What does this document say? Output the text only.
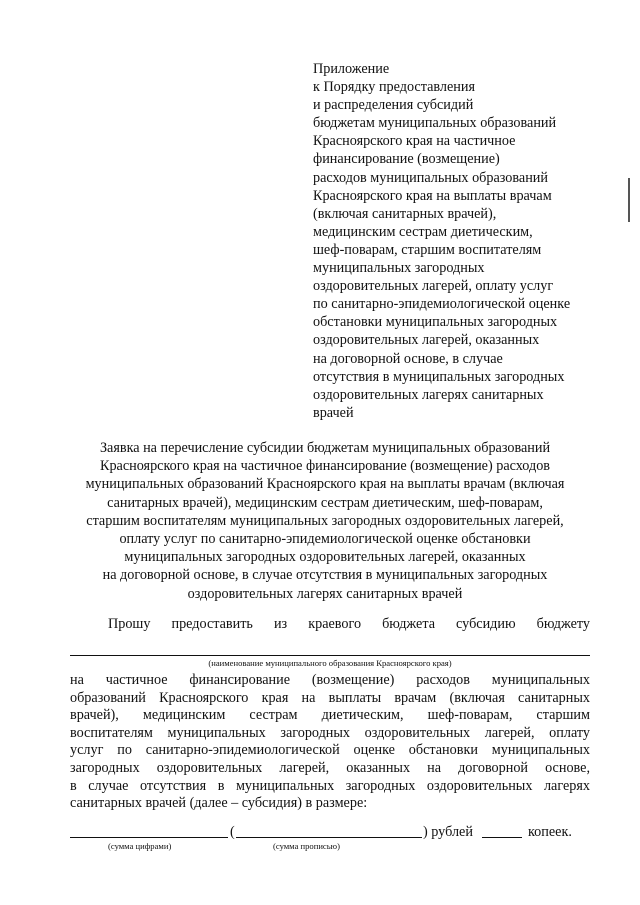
Приложение
к Порядку предоставления
и распределения субсидий
бюджетам муниципальных образований
Красноярского края на частичное
финансирование (возмещение)
расходов муниципальных образований
Красноярского края на выплаты врачам
(включая санитарных врачей),
медицинским сестрам диетическим,
шеф-поварам, старшим воспитателям
муниципальных загородных
оздоровительных лагерей, оплату услуг
по санитарно-эпидемиологической оценке
обстановки муниципальных загородных
оздоровительных лагерей, оказанных
на договорной основе, в случае
отсутствия в муниципальных загородных
оздоровительных лагерях санитарных
врачей
Заявка на перечисление субсидии бюджетам муниципальных образований
Красноярского края на частичное финансирование (возмещение) расходов
муниципальных образований Красноярского края на выплаты врачам (включая
санитарных врачей), медицинским сестрам диетическим, шеф-поварам,
старшим воспитателям муниципальных загородных оздоровительных лагерей,
оплату услуг по санитарно-эпидемиологической оценке обстановки
муниципальных загородных оздоровительных лагерей, оказанных
на договорной основе, в случае отсутствия в муниципальных загородных
оздоровительных лагерях санитарных врачей
Прошу предоставить из краевого бюджета субсидию бюджету
(наименование муниципального образования Красноярского края)
на частичное финансирование (возмещение) расходов муниципальных
образований Красноярского края на выплаты врачам (включая санитарных
врачей), медицинским сестрам диетическим, шеф-поварам, старшим
воспитателям муниципальных загородных оздоровительных лагерей, оплату
услуг по санитарно-эпидемиологической оценке обстановки муниципальных
загородных оздоровительных лагерей, оказанных на договорной основе,
в случае отсутствия в муниципальных загородных оздоровительных лагерях
санитарных врачей (далее – субсидия) в размере:
(	) рублей	копеек.
(сумма цифрами)	(сумма прописью)
